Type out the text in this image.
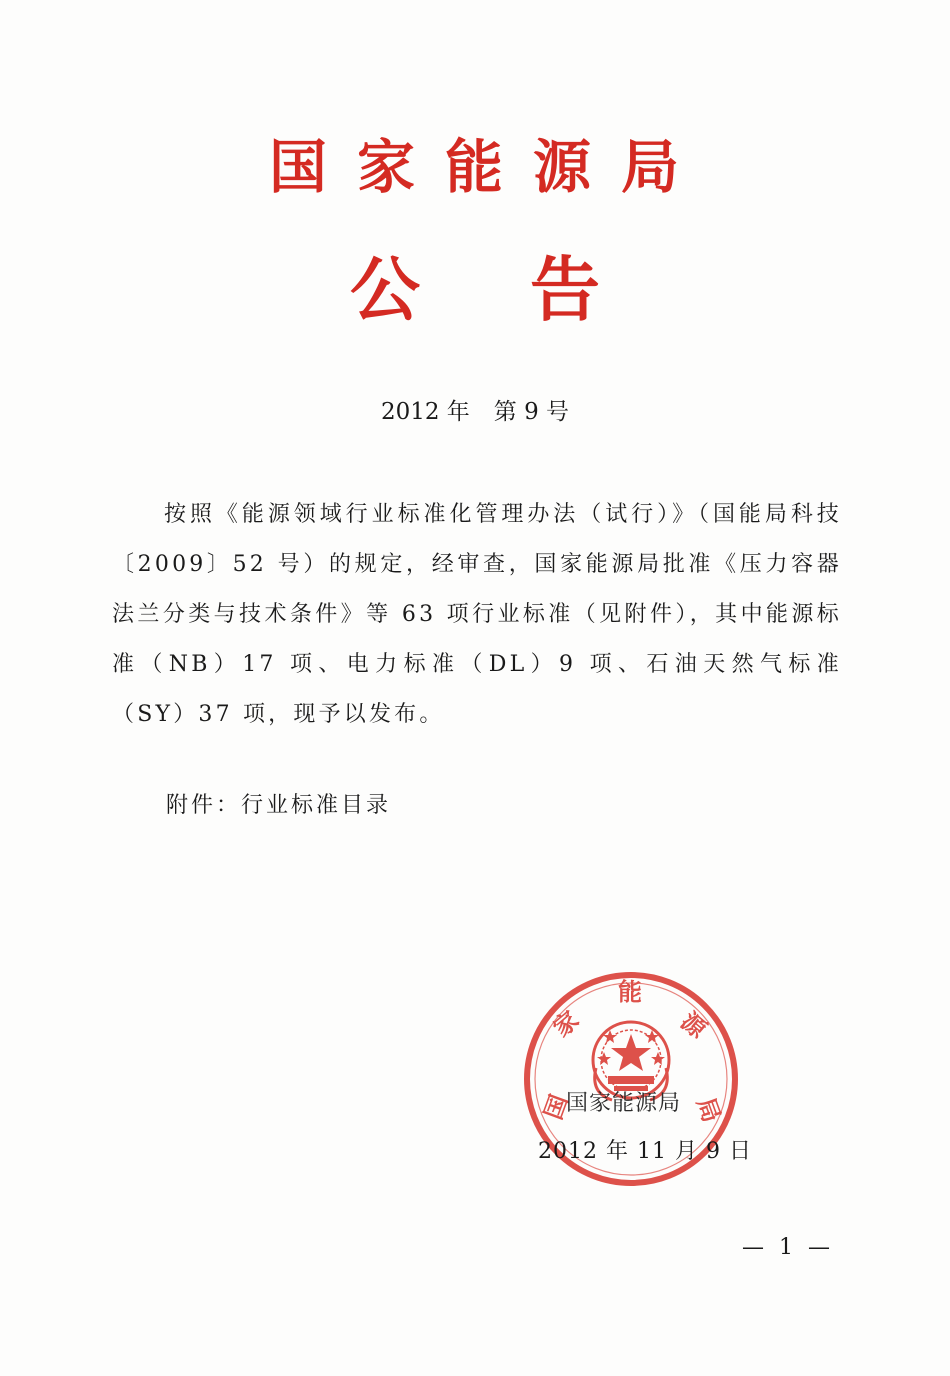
国家能源局
公告
2012 年 第 9 号

按照《能源领域行业标准化管理办法（试行）》（国能局科技〔2009〕52 号）的规定，经审查，国家能源局批准《压力容器法兰分类与技术条件》等 63 项行业标准（见附件），其中能源标准（NB）17 项、电力标准（DL）9 项、石油天然气标准（SY）37 项，现予以发布。

附件：行业标准目录
国
家
能
源
局
国家能源局
2012 年 11 月 9 日
— 1 —
